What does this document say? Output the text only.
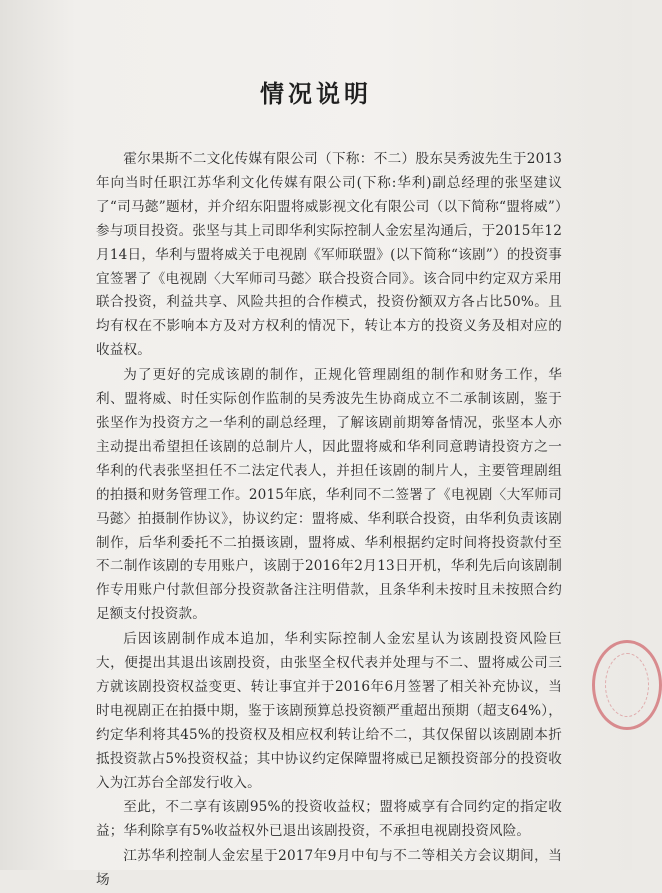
情况说明

霍尔果斯不二文化传媒有限公司（下称：不二）股东吴秀波先生于2013年向当时任职江苏华利文化传媒有限公司(下称:华利)副总经理的张坚建议了“司马懿”题材，并介绍东阳盟将威影视文化有限公司（以下简称“盟将威”）参与项目投资。张坚与其上司即华利实际控制人金宏星沟通后，于2015年12月14日，华利与盟将威关于电视剧《军师联盟》(以下简称“该剧”）的投资事宜签署了《电视剧〈大军师司马懿〉联合投资合同》。该合同中约定双方采用联合投资，利益共享、风险共担的合作模式，投资份额双方各占比50%。且均有权在不影响本方及对方权利的情况下，转让本方的投资义务及相对应的收益权。

为了更好的完成该剧的制作，正规化管理剧组的制作和财务工作，华利、盟将威、时任实际创作监制的吴秀波先生协商成立不二承制该剧，鉴于张坚作为投资方之一华利的副总经理，了解该剧前期筹备情况，张坚本人亦主动提出希望担任该剧的总制片人，因此盟将威和华利同意聘请投资方之一华利的代表张坚担任不二法定代表人，并担任该剧的制片人，主要管理剧组的拍摄和财务管理工作。2015年底，华利同不二签署了《电视剧〈大军师司马懿〉拍摄制作协议》，协议约定：盟将威、华利联合投资，由华利负责该剧制作，后华利委托不二拍摄该剧，盟将威、华利根据约定时间将投资款付至不二制作该剧的专用账户，该剧于2016年2月13日开机，华利先后向该剧制作专用账户付款但部分投资款备注注明借款，且条华利未按时且未按照合约足额支付投资款。

后因该剧制作成本追加，华利实际控制人金宏星认为该剧投资风险巨大，便提出其退出该剧投资，由张坚全权代表并处理与不二、盟将威公司三方就该剧投资权益变更、转让事宜并于2016年6月签署了相关补充协议，当时电视剧正在拍摄中期，鉴于该剧预算总投资额严重超出预期（超支64%），约定华利将其45%的投资权及相应权利转让给不二，其仅保留以该剧剧本折抵投资款占5%投资权益；其中协议约定保障盟将威已足额投资部分的投资收入为江苏台全部发行收入。

至此，不二享有该剧95%的投资收益权；盟将威享有合同约定的指定收益；华利除享有5%收益权外已退出该剧投资，不承担电视剧投资风险。

江苏华利控制人金宏星于2017年9月中旬与不二等相关方会议期间，当场
